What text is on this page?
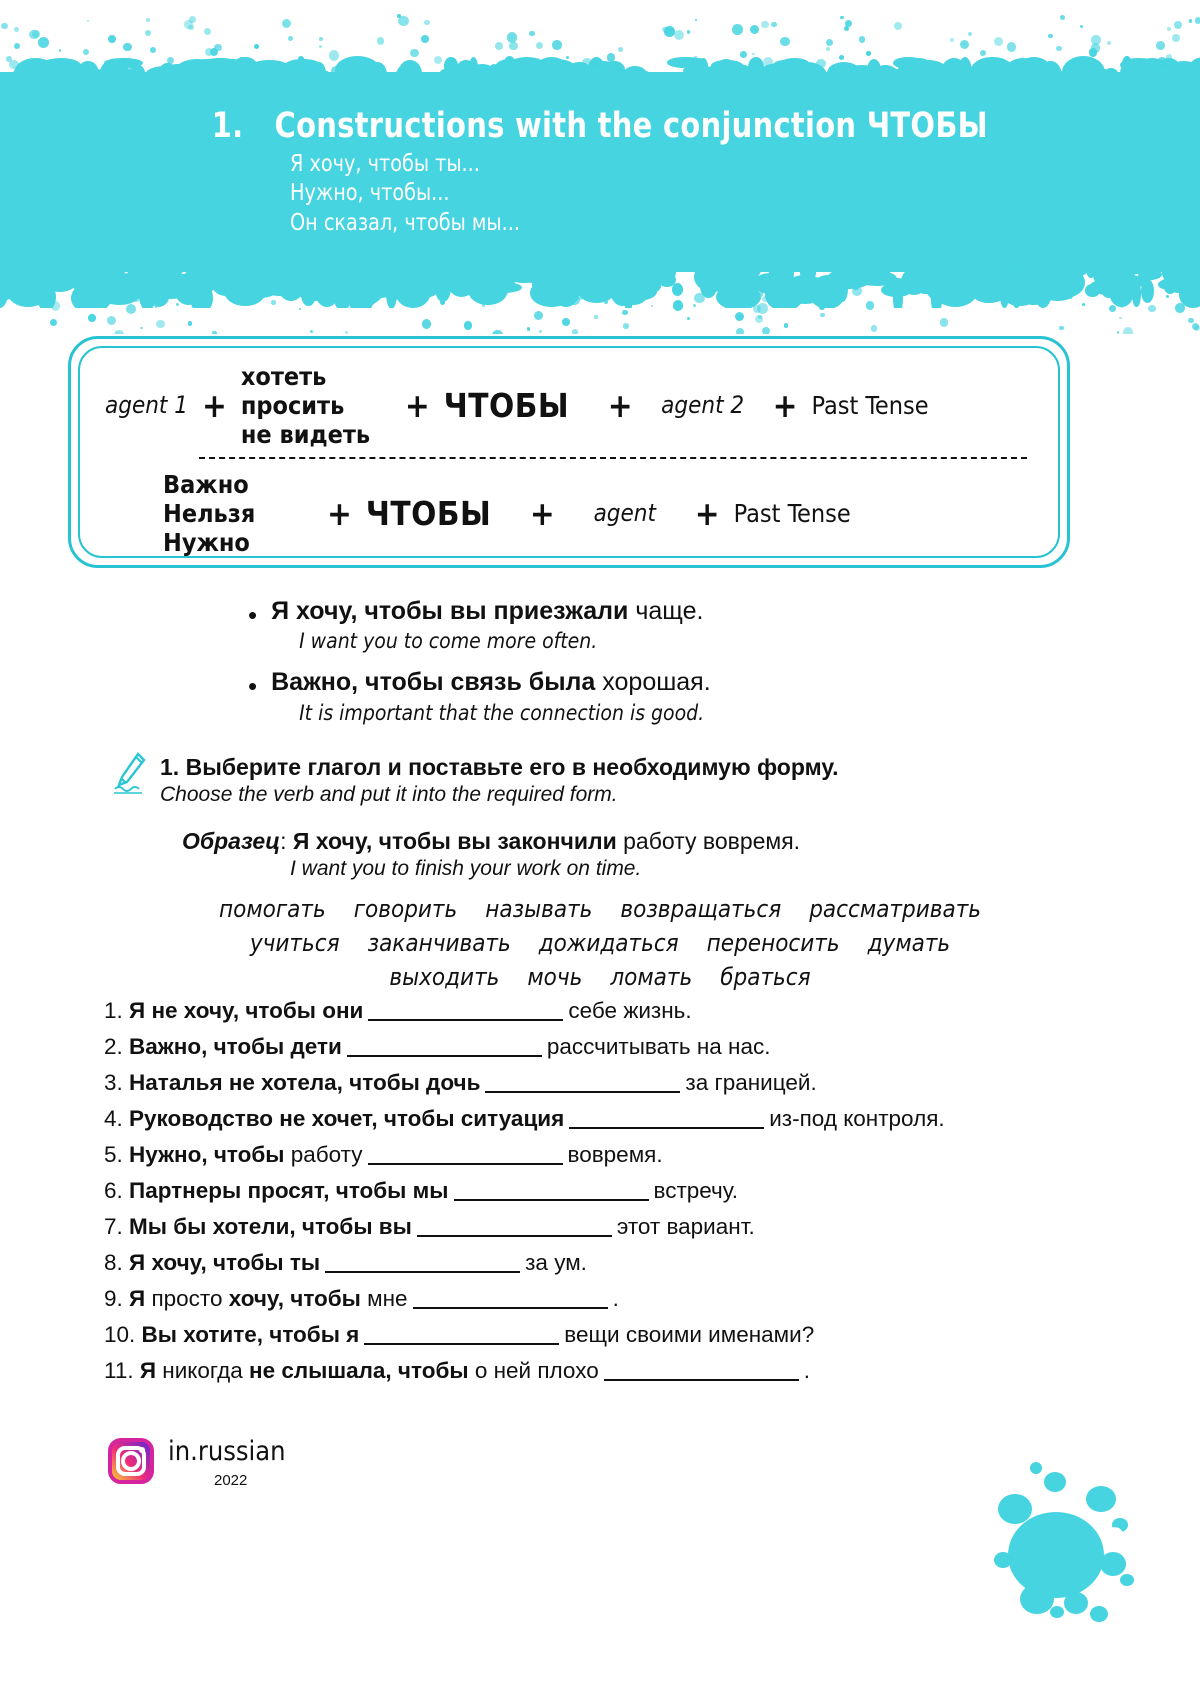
1. Constructions with the conjunction ЧТОБЫ
Я хочу, чтобы ты...
Нужно, чтобы...
Он сказал, чтобы мы...
agent 1 +
хотеть
просить
не видеть
+ ЧТОБЫ	+	agent 2 + Past Tense

Важно
Нельзя
Нужно
+ ЧТОБЫ	+	agent	+ Past Tense
• Я хочу, чтобы вы приезжали чаще.
I want you to come more often.
• Важно, чтобы связь была хорошая.
It is important that the connection is good.
1. Выберите глагол и поставьте его в необходимую форму.
Choose the verb and put it into the required form.
Образец: Я хочу, чтобы вы закончили работу вовремя.
I want you to finish your work on time.
помогать говорить называть возвращаться рассматривать
учиться заканчивать дожидаться переносить думать
выходить мочь ломать браться
1. Я не хочу, чтобы они	себе жизнь.
2. Важно, чтобы дети	рассчитывать на нас.
3. Наталья не хотела, чтобы дочь	за границей.
4. Руководство не хочет, чтобы ситуация	из-под контроля.
5. Нужно, чтобы работу	вовремя.
6. Партнеры просят, чтобы мы	встречу.
7. Мы бы хотели, чтобы вы	этот вариант.
8. Я хочу, чтобы ты	за ум.
9. Я просто хочу, чтобы мне	.
10. Вы хотите, чтобы я	вещи своими именами?
11. Я никогда не слышала, чтобы о ней плохо	.
in.russian
2022
3
